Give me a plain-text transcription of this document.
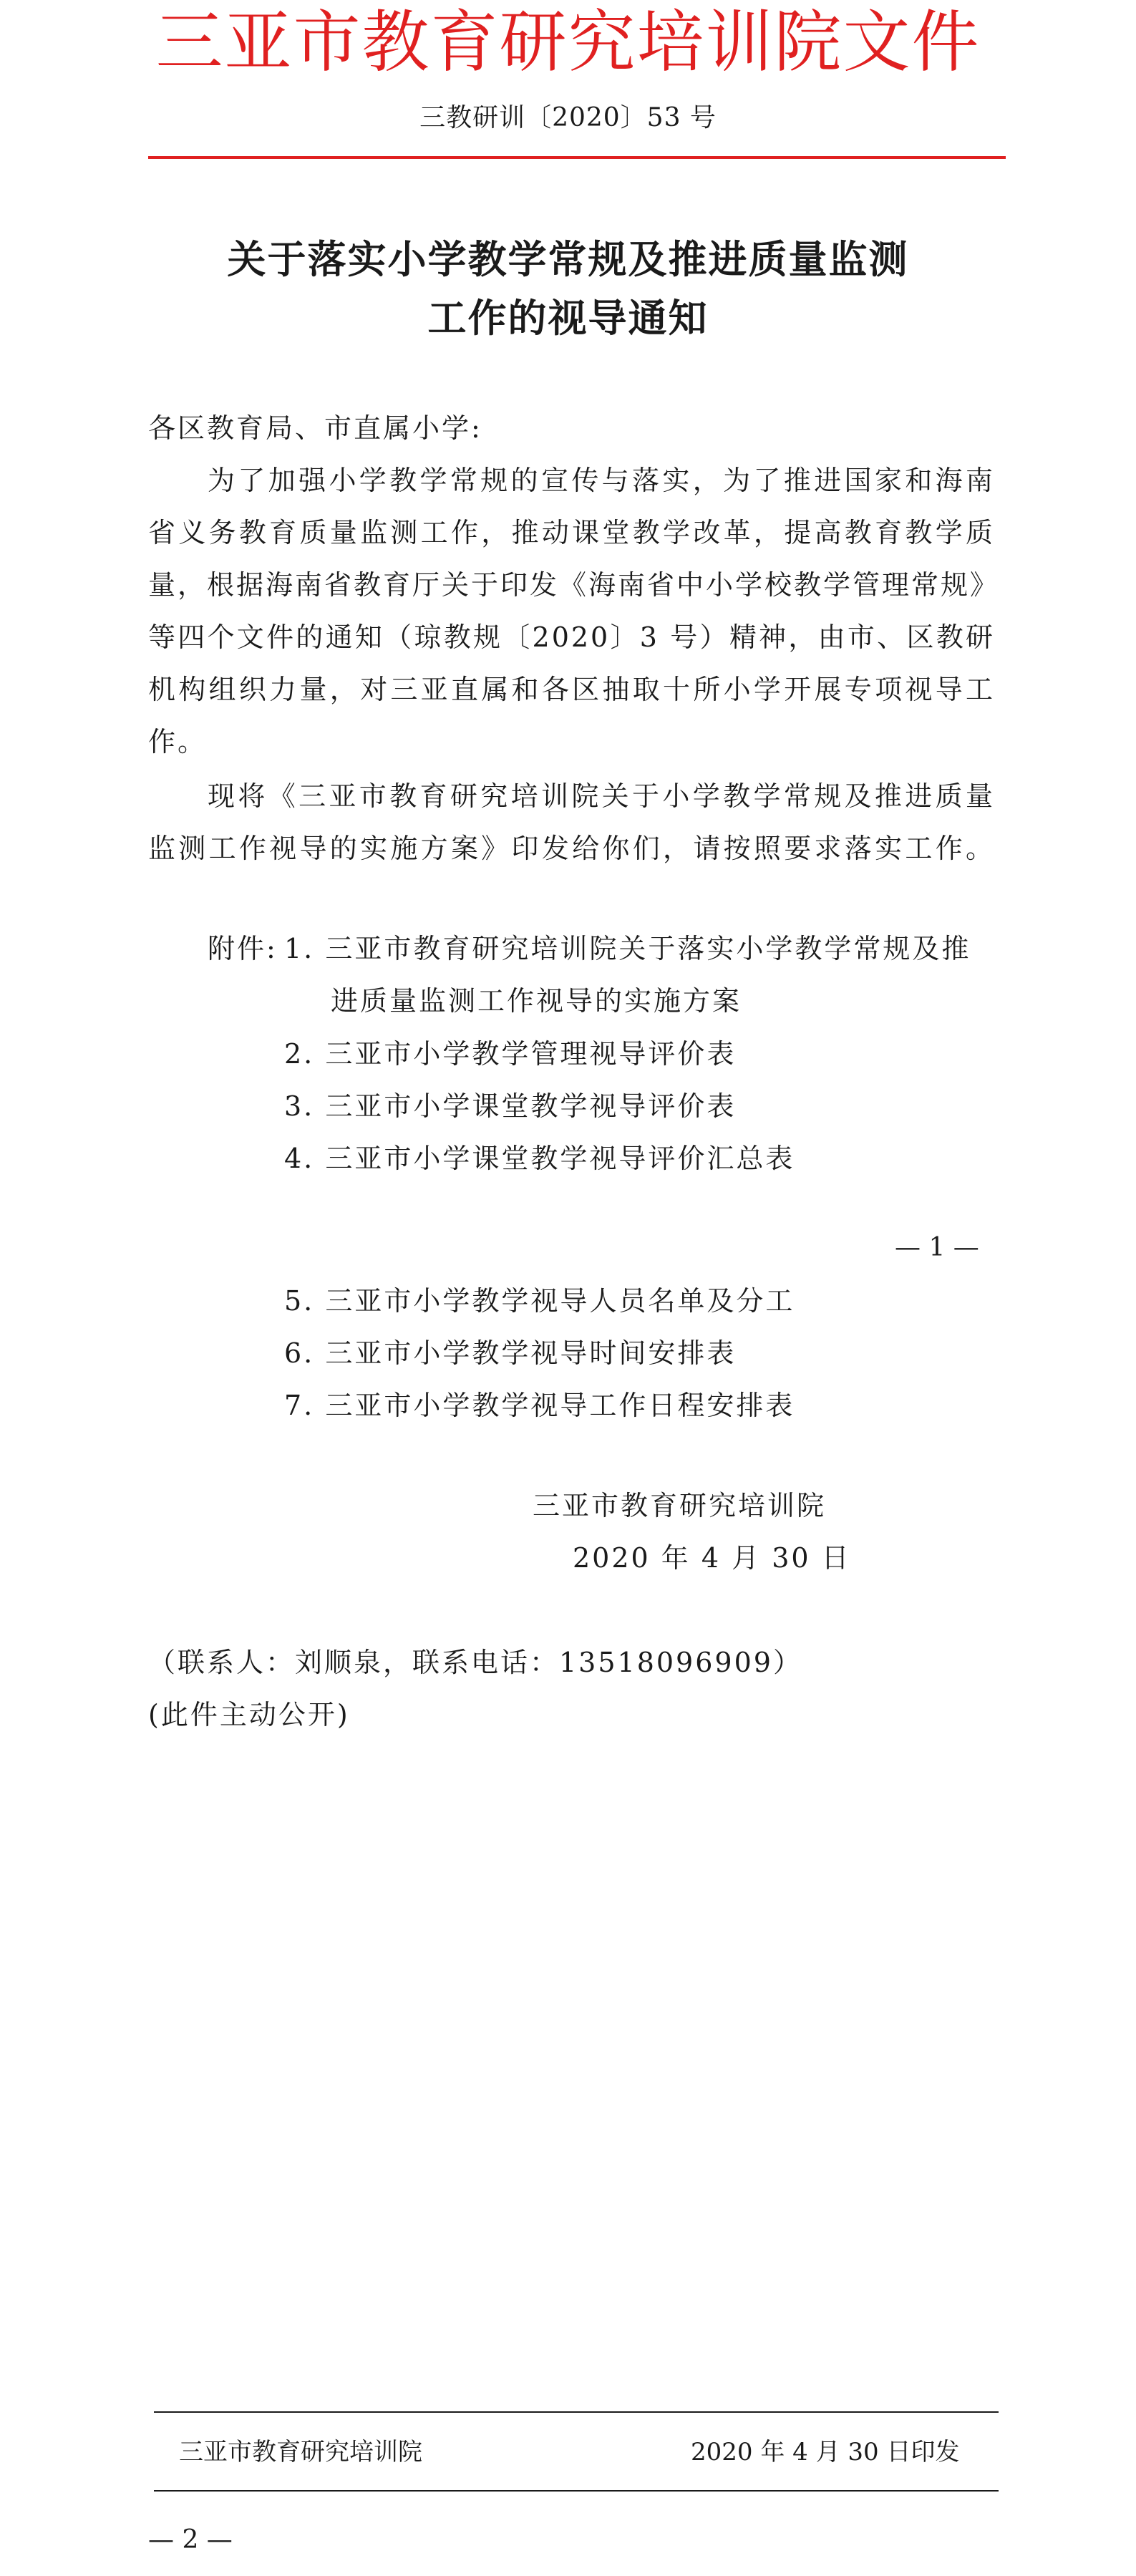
三亚市教育研究培训院文件
三教研训〔2020〕53 号
关于落实小学教学常规及推进质量监测
工作的视导通知
各区教育局、市直属小学:
为了加强小学教学常规的宣传与落实，为了推进国家和海南
省义务教育质量监测工作，推动课堂教学改革，提高教育教学质
量，根据海南省教育厅关于印发《海南省中小学校教学管理常规》
等四个文件的通知（琼教规〔2020〕3 号）精神，由市、区教研
机构组织力量，对三亚直属和各区抽取十所小学开展专项视导工
作。
现将《三亚市教育研究培训院关于小学教学常规及推进质量
监测工作视导的实施方案》印发给你们，请按照要求落实工作。
附件: 1. 三亚市教育研究培训院关于落实小学教学常规及推
进质量监测工作视导的实施方案
2. 三亚市小学教学管理视导评价表
3. 三亚市小学课堂教学视导评价表
4. 三亚市小学课堂教学视导评价汇总表
— 1 —
5. 三亚市小学教学视导人员名单及分工
6. 三亚市小学教学视导时间安排表
7. 三亚市小学教学视导工作日程安排表
三亚市教育研究培训院
2020 年 4 月 30 日
（联系人：刘顺泉，联系电话：13518096909）
(此件主动公开)
三亚市教育研究培训院	2020 年 4 月 30 日印发
— 2 —
